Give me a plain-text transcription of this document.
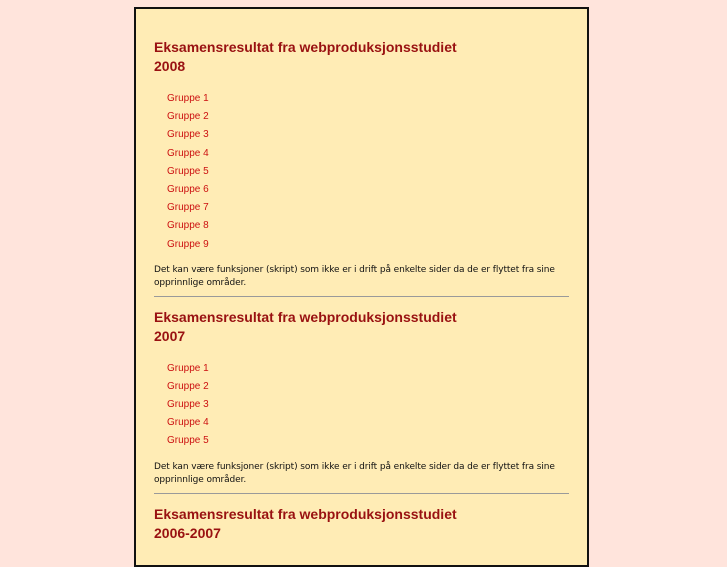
Eksamensresultat fra webproduksjonsstudiet
2008
Gruppe 1
Gruppe 2
Gruppe 3
Gruppe 4
Gruppe 5
Gruppe 6
Gruppe 7
Gruppe 8
Gruppe 9

Det kan være funksjoner (skript) som ikke er i drift på enkelte sider da de er flyttet fra sine
opprinnlige områder.

Eksamensresultat fra webproduksjonsstudiet
2007
Gruppe 1
Gruppe 2
Gruppe 3
Gruppe 4
Gruppe 5

Det kan være funksjoner (skript) som ikke er i drift på enkelte sider da de er flyttet fra sine
opprinnlige områder.

Eksamensresultat fra webproduksjonsstudiet
2006-2007
